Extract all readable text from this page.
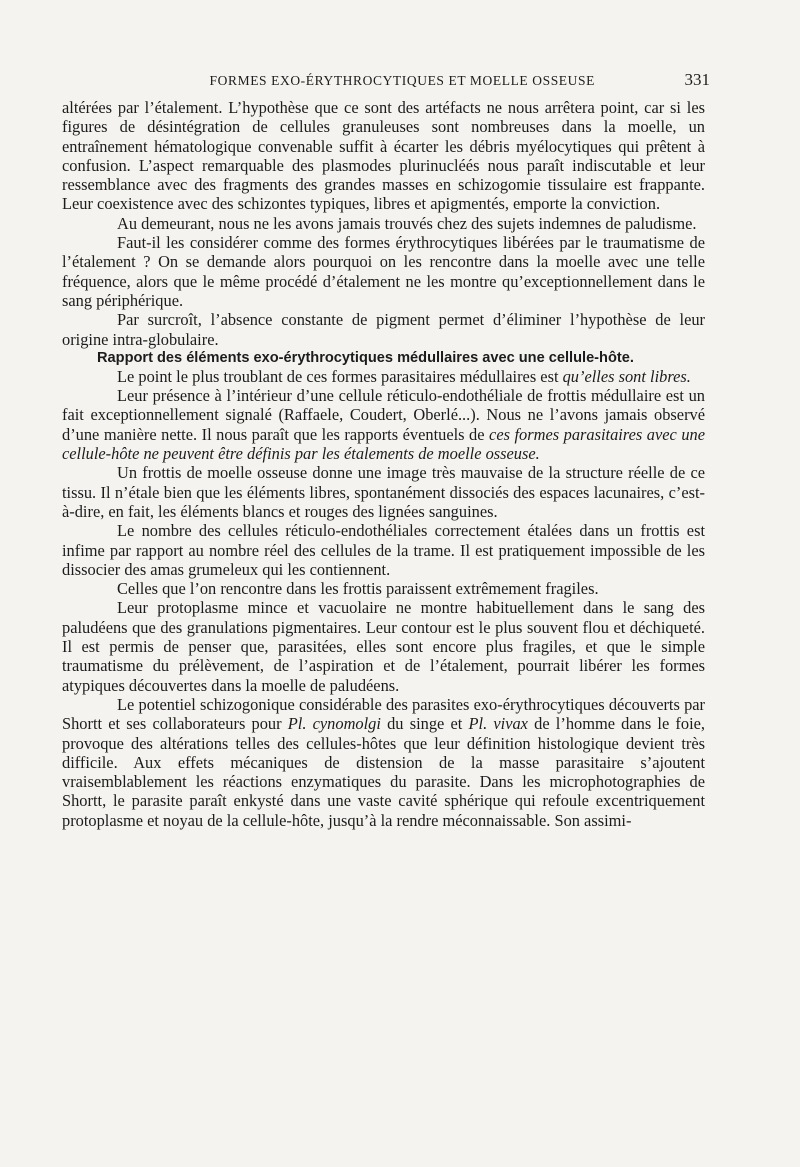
FORMES EXO-ÉRYTHROCYTIQUES ET MOELLE OSSEUSE	331

altérées par l’étalement. L’hypothèse que ce sont des artéfacts ne nous arrêtera point, car si les figures de désintégration de cellules granuleuses sont nombreuses dans la moelle, un entraînement hématologique convenable suffit à écarter les débris myélocytiques qui prêtent à confusion. L’aspect remarquable des plasmodes plurinucléés nous paraît indiscutable et leur ressemblance avec des fragments des grandes masses en schizogomie tissulaire est frappante. Leur coexistence avec des schizontes typiques, libres et apigmentés, emporte la conviction.

Au demeurant, nous ne les avons jamais trouvés chez des sujets indemnes de paludisme.

Faut-il les considérer comme des formes érythrocytiques libérées par le traumatisme de l’étalement ? On se demande alors pourquoi on les rencontre dans la moelle avec une telle fréquence, alors que le même procédé d’étalement ne les montre qu’exceptionnellement dans le sang périphérique.

Par surcroît, l’absence constante de pigment permet d’éliminer l’hypothèse de leur origine intra-globulaire.

Rapport des éléments exo-érythrocytiques médullaires avec une cellule-hôte.

Le point le plus troublant de ces formes parasitaires médullaires est qu’elles sont libres.

Leur présence à l’intérieur d’une cellule réticulo-endothéliale de frottis médullaire est un fait exceptionnellement signalé (Raffaele, Coudert, Oberlé...). Nous ne l’avons jamais observé d’une manière nette. Il nous paraît que les rapports éventuels de ces formes parasitaires avec une cellule-hôte ne peuvent être définis par les étalements de moelle osseuse.

Un frottis de moelle osseuse donne une image très mauvaise de la structure réelle de ce tissu. Il n’étale bien que les éléments libres, spontanément dissociés des espaces lacunaires, c’est-à-dire, en fait, les éléments blancs et rouges des lignées sanguines.

Le nombre des cellules réticulo-endothéliales correctement étalées dans un frottis est infime par rapport au nombre réel des cellules de la trame. Il est pratiquement impossible de les dissocier des amas grumeleux qui les contiennent.

Celles que l’on rencontre dans les frottis paraissent extrêmement fragiles.

Leur protoplasme mince et vacuolaire ne montre habituellement dans le sang des paludéens que des granulations pigmentaires. Leur contour est le plus souvent flou et déchiqueté. Il est permis de penser que, parasitées, elles sont encore plus fragiles, et que le simple traumatisme du prélèvement, de l’aspiration et de l’étalement, pourrait libérer les formes atypiques découvertes dans la moelle de paludéens.

Le potentiel schizogonique considérable des parasites exo-érythrocytiques découverts par Shortt et ses collaborateurs pour Pl. cynomolgi du singe et Pl. vivax de l’homme dans le foie, provoque des altérations telles des cellules-hôtes que leur définition histologique devient très difficile. Aux effets mécaniques de distension de la masse parasitaire s’ajoutent vraisemblablement les réactions enzymatiques du parasite. Dans les microphotographies de Shortt, le parasite paraît enkysté dans une vaste cavité sphérique qui refoule excentriquement protoplasme et noyau de la cellule-hôte, jusqu’à la rendre méconnaissable. Son assimi-
